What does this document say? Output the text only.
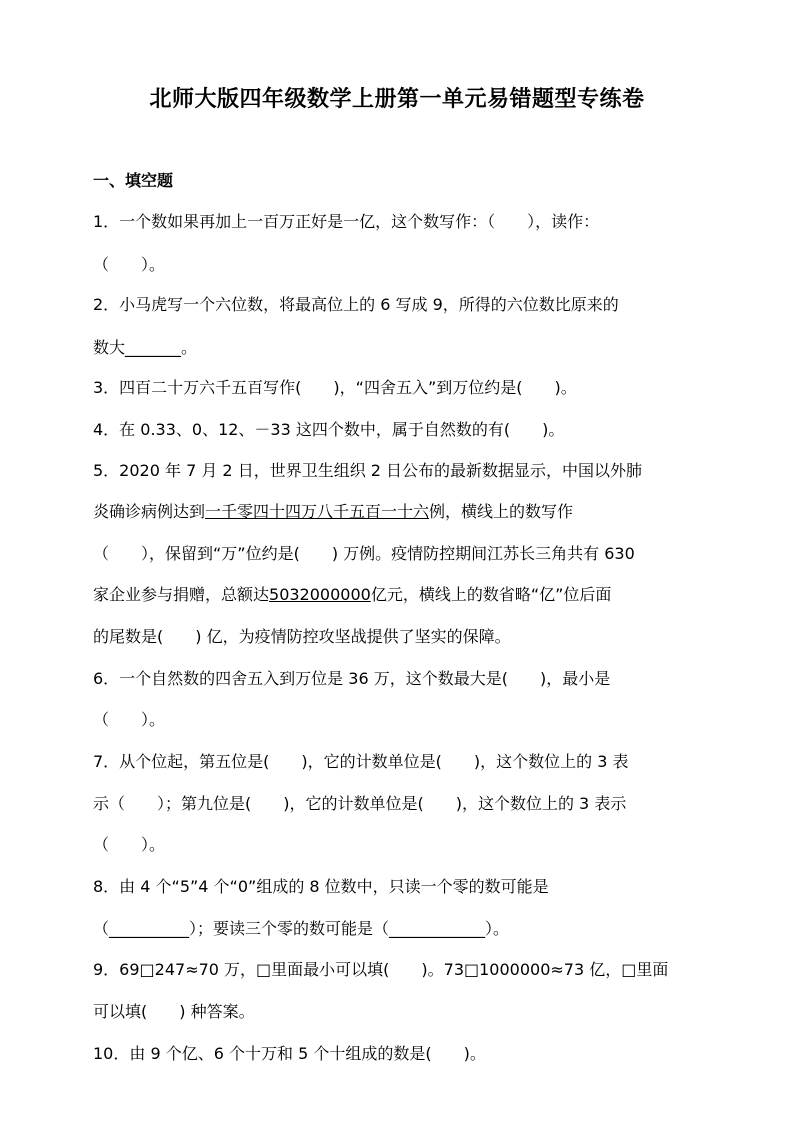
北师大版四年级数学上册第一单元易错题型专练卷
一、填空题
1．一个数如果再加上一百万正好是一亿，这个数写作：（　　），读作：
（　　）。
2．小马虎写一个六位数，将最高位上的 6 写成 9，所得的六位数比原来的
数大_______。
3．四百二十万六千五百写作(　　)，“四舍五入”到万位约是(　　)。
4．在 0.33、0、12、－33 这四个数中，属于自然数的有(　　)。
5．2020 年 7 月 2 日，世界卫生组织 2 日公布的最新数据显示，中国以外肺
炎确诊病例达到一千零四十四万八千五百一十六例，横线上的数写作
（　　），保留到“万”位约是(　　) 万例。疫情防控期间江苏长三角共有 630
家企业参与捐赠，总额达5032000000亿元，横线上的数省略“亿”位后面
的尾数是(　　) 亿，为疫情防控攻坚战提供了坚实的保障。
6．一个自然数的四舍五入到万位是 36 万，这个数最大是(　　)，最小是
（　　）。
7．从个位起，第五位是(　　)，它的计数单位是(　　)，这个数位上的 3 表
示（　　）；第九位是(　　)，它的计数单位是(　　)，这个数位上的 3 表示
（　　）。
8．由 4 个“5”4 个“0”组成的 8 位数中，只读一个零的数可能是
（__________）；要读三个零的数可能是（____________）。
9．69□247≈70 万，□里面最小可以填(　　)。73□1000000≈73 亿，□里面
可以填(　　) 种答案。
10．由 9 个亿、6 个十万和 5 个十组成的数是(　　)。
